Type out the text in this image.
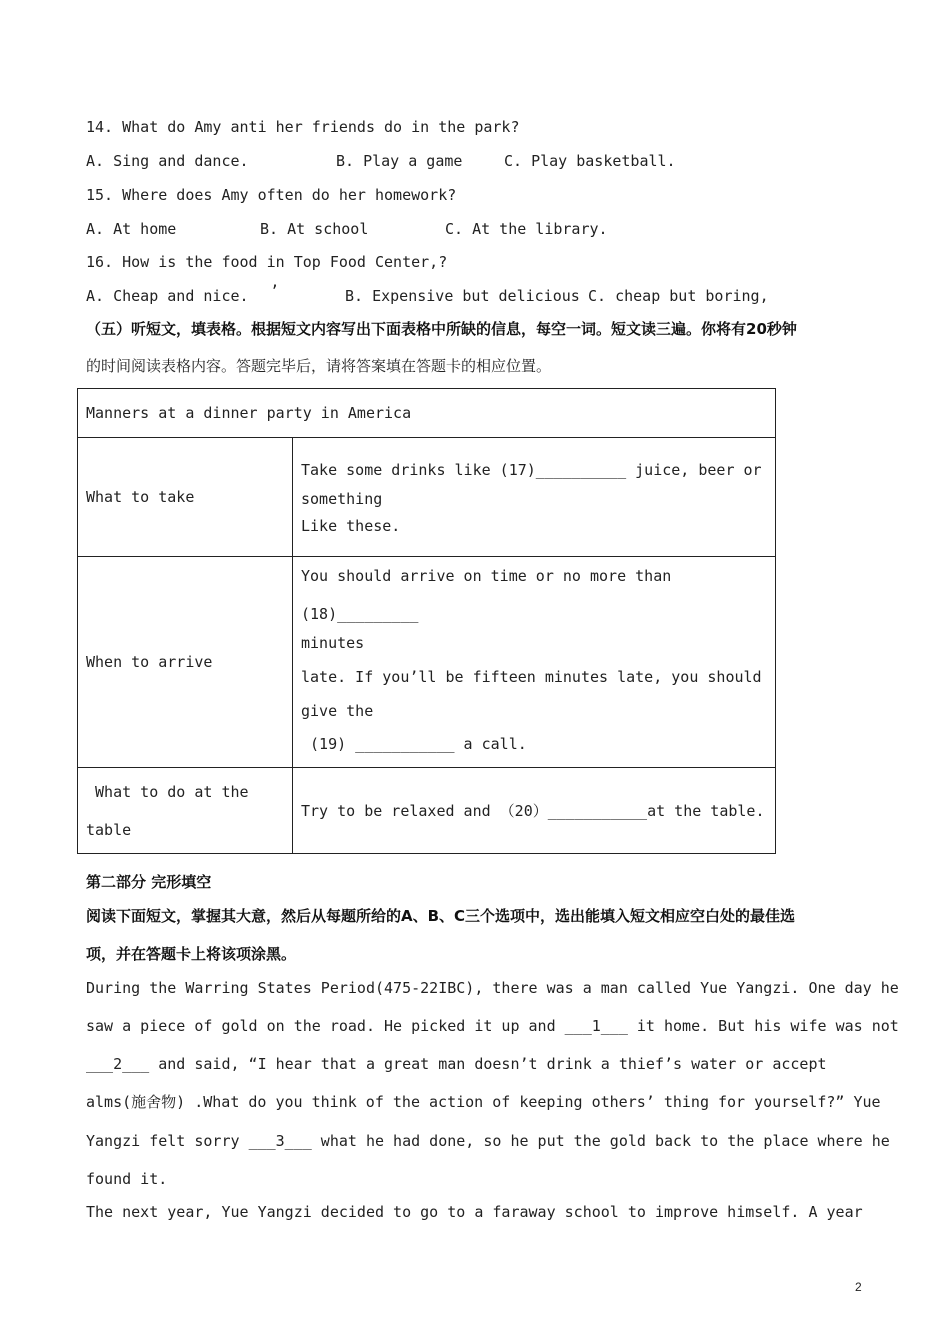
14. What do Amy anti her friends do in the park?
A. Sing and dance.	B. Play a game	C. Play basketball.
15. Where does Amy often do her homework?
A. At home	B. At school	C. At the library.
16. How is the food in Top Food Center,?
A. Cheap and nice. ’	B. Expensive but delicious C. cheap but boring,
（五）听短文，填表格。根据短文内容写出下面表格中所缺的信息，每空一词。短文读三遍。你将有20秒钟
的时间阅读表格内容。答题完毕后，请将答案填在答题卡的相应位置。
Manners at a dinner party in America	
What to take	Take some drinks like (17)__________ juice, beer or
something
Like these.

When to arrive	You should arrive on time or no more than (18)_________
minutes
late. If you’ll be fifteen minutes late, you should
give the
(19) ___________ a call.

What to do at the
table	Try to be relaxed and （20）___________at the table.
第二部分 完形填空
阅读下面短文，掌握其大意，然后从每题所给的A、B、C三个选项中，选出能填入短文相应空白处的最佳选
项，并在答题卡上将该项涂黑。
During the Warring States Period(475-22IBC), there was a man called Yue Yangzi. One day he
saw a piece of gold on the road. He picked it up and ___1___ it home. But his wife was not
___2___ and said, “I hear that a great man doesn’t drink a thief’s water or accept
alms(施舍物) .What do you think of the action of keeping others’ thing for yourself?” Yue
Yangzi felt sorry ___3___ what he had done, so he put the gold back to the place where he
found it.
The next year, Yue Yangzi decided to go to a faraway school to improve himself. A year
2
